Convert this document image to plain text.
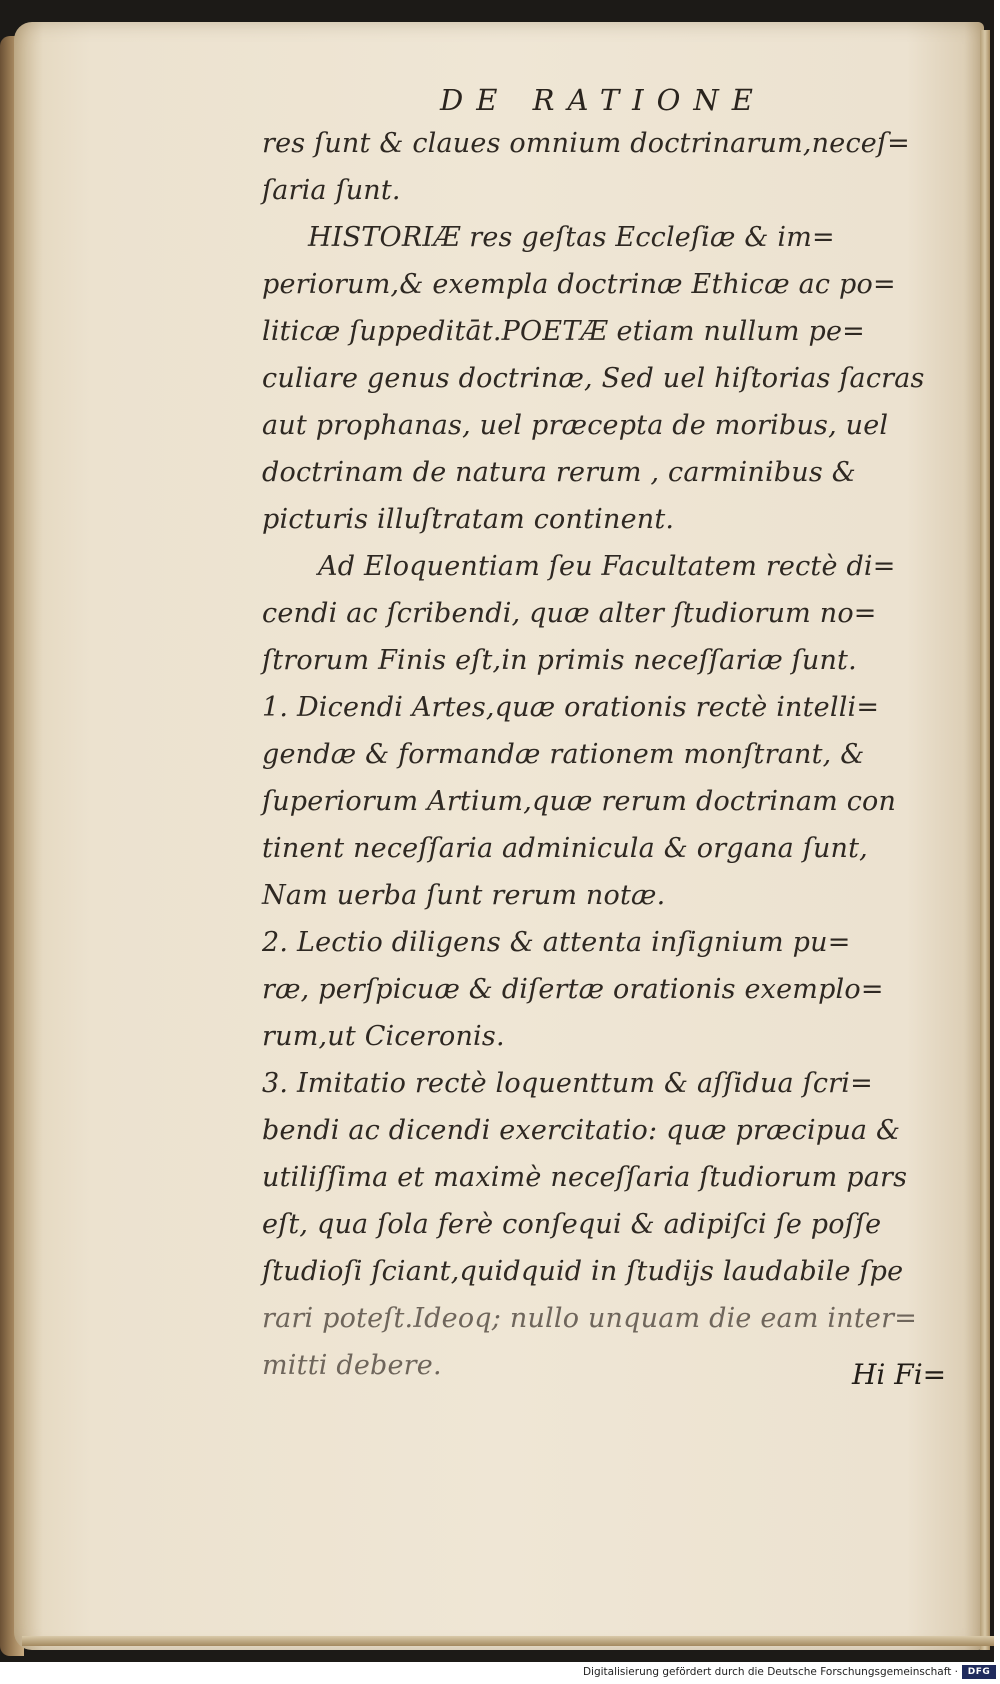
DE RATIONE
res ſunt & claues omnium doctrinarum,neceſ=
ſaria ſunt.
HISTORIÆ res geſtas Eccleſiæ & im=
periorum,& exempla doctrinæ Ethicæ ac po=
liticæ ſuppeditāt.POETÆ etiam nullum pe=
culiare genus doctrinæ, Sed uel hiſtorias ſacras
aut prophanas, uel præcepta de moribus, uel
doctrinam de natura rerum , carminibus &
picturis illuſtratam continent.
Ad Eloquentiam ſeu Facultatem rectè di=
cendi ac ſcribendi, quæ alter ſtudiorum no=
ſtrorum Finis eſt,in primis neceſſariæ ſunt.
1. Dicendi Artes,quæ orationis rectè intelli=
gendæ & formandæ rationem monſtrant, &
ſuperiorum Artium,quæ rerum doctrinam con
tinent neceſſaria adminicula & organa ſunt,
Nam uerba ſunt rerum notæ.
2. Lectio diligens & attenta inſignium pu=
ræ, perſpicuæ & diſertæ orationis exemplo=
rum,ut Ciceronis.
3. Imitatio rectè loquenttum & aſſidua ſcri=
bendi ac dicendi exercitatio: quæ præcipua &
utiliſſima et maximè neceſſaria ſtudiorum pars
eſt, qua ſola ferè conſequi & adipiſci ſe poſſe
ſtudioſi ſciant,quidquid in ſtudijs laudabile ſpe
rari poteſt.Ideoq; nullo unquam die eam inter=
mitti debere.	Hi Fi=
Digitalisierung gefördert durch die Deutsche Forschungsgemeinschaft ·	DFG
